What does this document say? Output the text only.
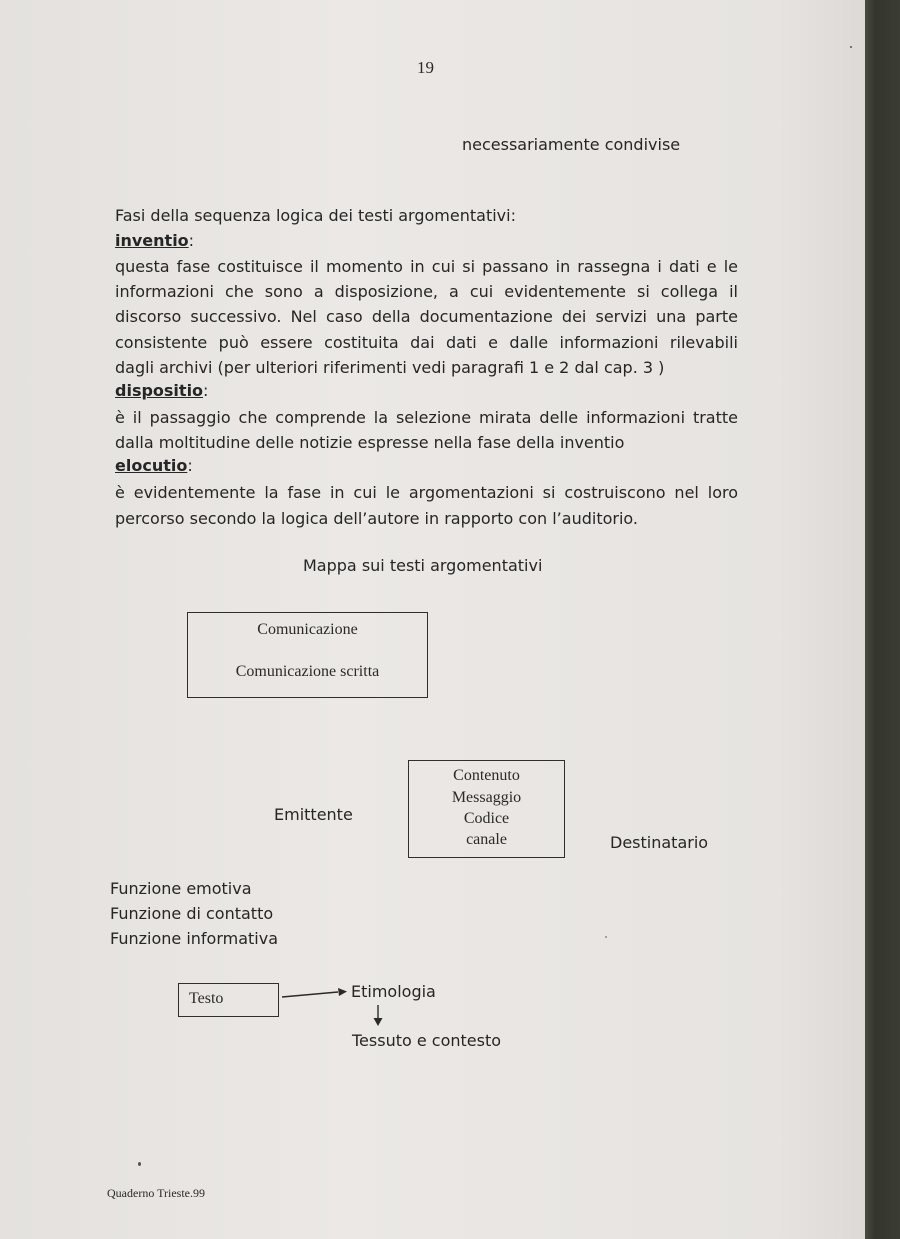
19
necessariamente condivise
Fasi della sequenza logica dei testi argomentativi:
inventio:
questa fase costituisce il momento in cui si passano in rassegna i dati e le
informazioni che sono a disposizione, a cui evidentemente si collega il
discorso successivo. Nel caso della documentazione dei servizi una parte
consistente può essere costituita dai dati e dalle informazioni rilevabili
dagli archivi (per ulteriori riferimenti vedi paragrafi 1 e 2 dal cap. 3 )
dispositio:
è il passaggio che comprende la selezione mirata delle informazioni tratte
dalla moltitudine delle notizie espresse nella fase della inventio
elocutio:
è evidentemente la fase in cui le argomentazioni si costruiscono nel loro
percorso secondo la logica dell’autore in rapporto con l’auditorio.
Mappa sui testi argomentativi
Comunicazione
Comunicazione scritta
Emittente
Contenuto
Messaggio
Codice
canale	Destinatario
Funzione emotiva
Funzione di contatto
Funzione informativa
Testo	Etimologia
Tessuto e contesto
Quaderno Trieste.99
